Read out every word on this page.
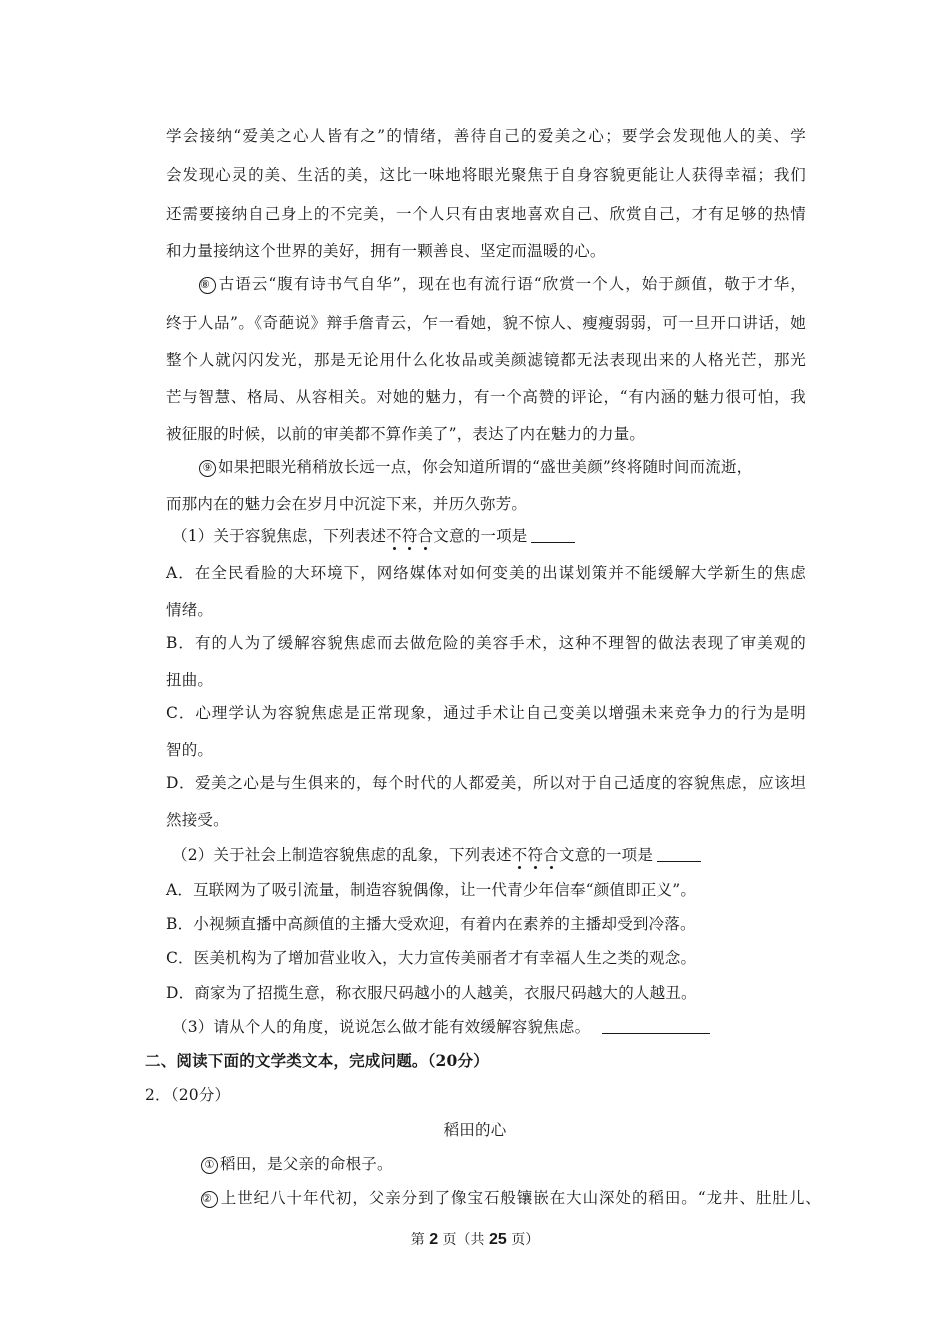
学会接纳“爱美之心人皆有之”的情绪，善待自己的爱美之心；要学会发现他人的美、学
会发现心灵的美、生活的美，这比一味地将眼光聚焦于自身容貌更能让人获得幸福；我们
还需要接纳自己身上的不完美，一个人只有由衷地喜欢自己、欣赏自己，才有足够的热情
和力量接纳这个世界的美好，拥有一颗善良、坚定而温暖的心。
⑧ 古语云“腹有诗书气自华”，现在也有流行语“欣赏一个人，始于颜值，敬于才华，
终于人品”。《奇葩说》辩手詹青云，乍一看她，貌不惊人、瘦瘦弱弱，可一旦开口讲话，她
整个人就闪闪发光，那是无论用什么化妆品或美颜滤镜都无法表现出来的人格光芒，那光
芒与智慧、格局、从容相关。对她的魅力，有一个高赞的评论，“有内涵的魅力很可怕，我
被征服的时候，以前的审美都不算作美了”，表达了内在魅力的力量。
⑨ 如果把眼光稍稍放长远一点，你会知道所谓的“盛世美颜”终将随时间而流逝，
而那内在的魅力会在岁月中沉淀下来，并历久弥芳。
（1）关于容貌焦虑，下列表述不符合文意的一项是
A．在全民看脸的大环境下，网络媒体对如何变美的出谋划策并不能缓解大学新生的焦虑
情绪。
B．有的人为了缓解容貌焦虑而去做危险的美容手术，这种不理智的做法表现了审美观的
扭曲。
C．心理学认为容貌焦虑是正常现象，通过手术让自己变美以增强未来竞争力的行为是明
智的。
D．爱美之心是与生俱来的，每个时代的人都爱美，所以对于自己适度的容貌焦虑，应该坦
然接受。
（2）关于社会上制造容貌焦虑的乱象，下列表述不符合文意的一项是
A．互联网为了吸引流量，制造容貌偶像，让一代青少年信奉“颜值即正义”。
B．小视频直播中高颜值的主播大受欢迎，有着内在素养的主播却受到冷落。
C．医美机构为了增加营业收入，大力宣传美丽者才有幸福人生之类的观念。
D．商家为了招揽生意，称衣服尺码越小的人越美，衣服尺码越大的人越丑。
（3）请从个人的角度，说说怎么做才能有效缓解容貌焦虑。
二、阅读下面的文学类文本，完成问题。（20分）
2．（20分）
稻田的心
① 稻田，是父亲的命根子。
② 上世纪八十年代初，父亲分到了像宝石般镶嵌在大山深处的稻田。“龙井、肚肚儿、
第 2 页（共 25 页）
